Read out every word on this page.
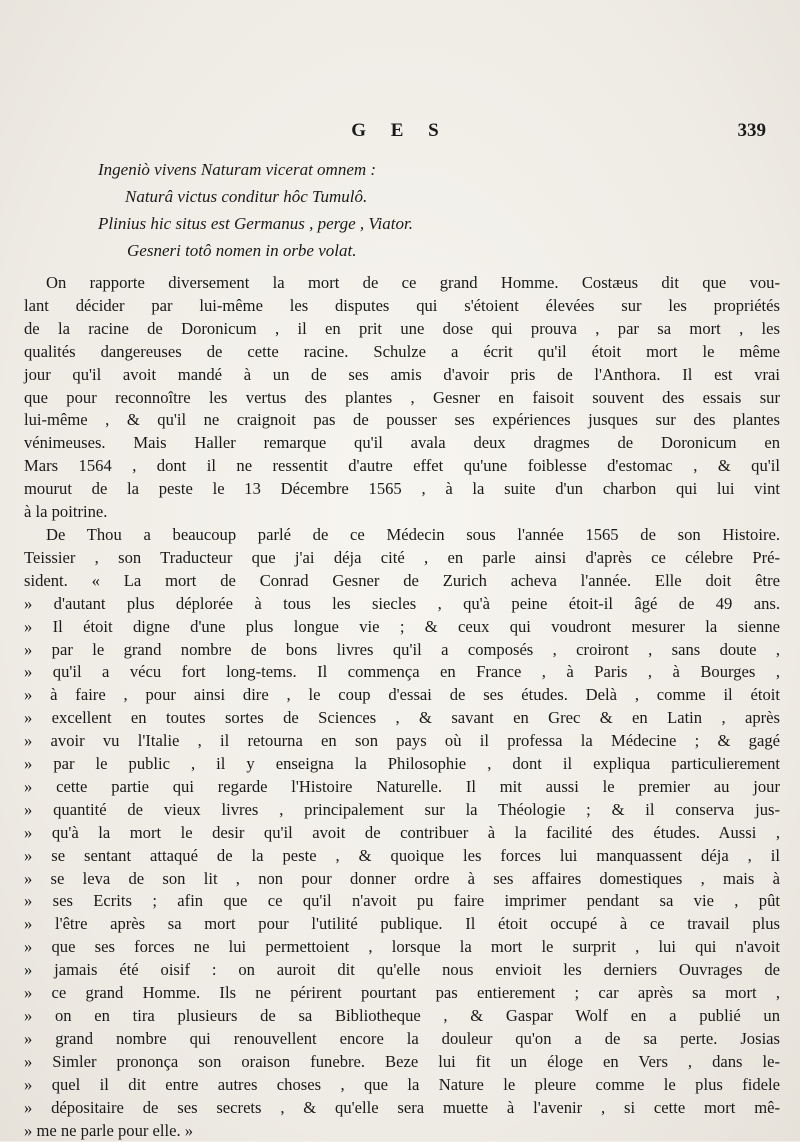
G E S	339
Ingeniò vivens Naturam vicerat omnem :
Naturâ victus conditur hôc Tumulô.
Plinius hic situs est Germanus , perge , Viator.
Gesneri totô nomen in orbe volat.
On rapporte diversement la mort de ce grand Homme. Costæus dit que vou-
lant décider par lui-même les disputes qui s'étoient élevées sur les propriétés
de la racine de Doronicum , il en prit une dose qui prouva , par sa mort , les
qualités dangereuses de cette racine. Schulze a écrit qu'il étoit mort le même
jour qu'il avoit mandé à un de ses amis d'avoir pris de l'Anthora. Il est vrai
que pour reconnoître les vertus des plantes , Gesner en faisoit souvent des essais sur
lui-même , & qu'il ne craignoit pas de pousser ses expériences jusques sur des plantes
vénimeuses. Mais Haller remarque qu'il avala deux dragmes de Doronicum en
Mars 1564 , dont il ne ressentit d'autre effet qu'une foiblesse d'estomac , & qu'il
mourut de la peste le 13 Décembre 1565 , à la suite d'un charbon qui lui vint
à la poitrine.
De Thou a beaucoup parlé de ce Médecin sous l'année 1565 de son Histoire.
Teissier , son Traducteur que j'ai déja cité , en parle ainsi d'après ce célebre Pré-
sident. « La mort de Conrad Gesner de Zurich acheva l'année. Elle doit être
» d'autant plus déplorée à tous les siecles , qu'à peine étoit-il âgé de 49 ans.
» Il étoit digne d'une plus longue vie ; & ceux qui voudront mesurer la sienne
» par le grand nombre de bons livres qu'il a composés , croiront , sans doute ,
» qu'il a vécu fort long-tems. Il commença en France , à Paris , à Bourges ,
» à faire , pour ainsi dire , le coup d'essai de ses études. Delà , comme il étoit
» excellent en toutes sortes de Sciences , & savant en Grec & en Latin , après
» avoir vu l'Italie , il retourna en son pays où il professa la Médecine ; & gagé
» par le public , il y enseigna la Philosophie , dont il expliqua particulierement
» cette partie qui regarde l'Histoire Naturelle. Il mit aussi le premier au jour
» quantité de vieux livres , principalement sur la Théologie ; & il conserva jus-
» qu'à la mort le desir qu'il avoit de contribuer à la facilité des études. Aussi ,
» se sentant attaqué de la peste , & quoique les forces lui manquassent déja , il
» se leva de son lit , non pour donner ordre à ses affaires domestiques , mais à
» ses Ecrits ; afin que ce qu'il n'avoit pu faire imprimer pendant sa vie , pût
» l'être après sa mort pour l'utilité publique. Il étoit occupé à ce travail plus
» que ses forces ne lui permettoient , lorsque la mort le surprit , lui qui n'avoit
» jamais été oisif : on auroit dit qu'elle nous envioit les derniers Ouvrages de
» ce grand Homme. Ils ne périrent pourtant pas entierement ; car après sa mort ,
» on en tira plusieurs de sa Bibliotheque , & Gaspar Wolf en a publié un
» grand nombre qui renouvellent encore la douleur qu'on a de sa perte. Josias
» Simler prononça son oraison funebre. Beze lui fit un éloge en Vers , dans le-
» quel il dit entre autres choses , que la Nature le pleure comme le plus fidele
» dépositaire de ses secrets , & qu'elle sera muette à l'avenir , si cette mort mê-
» me ne parle pour elle. »
